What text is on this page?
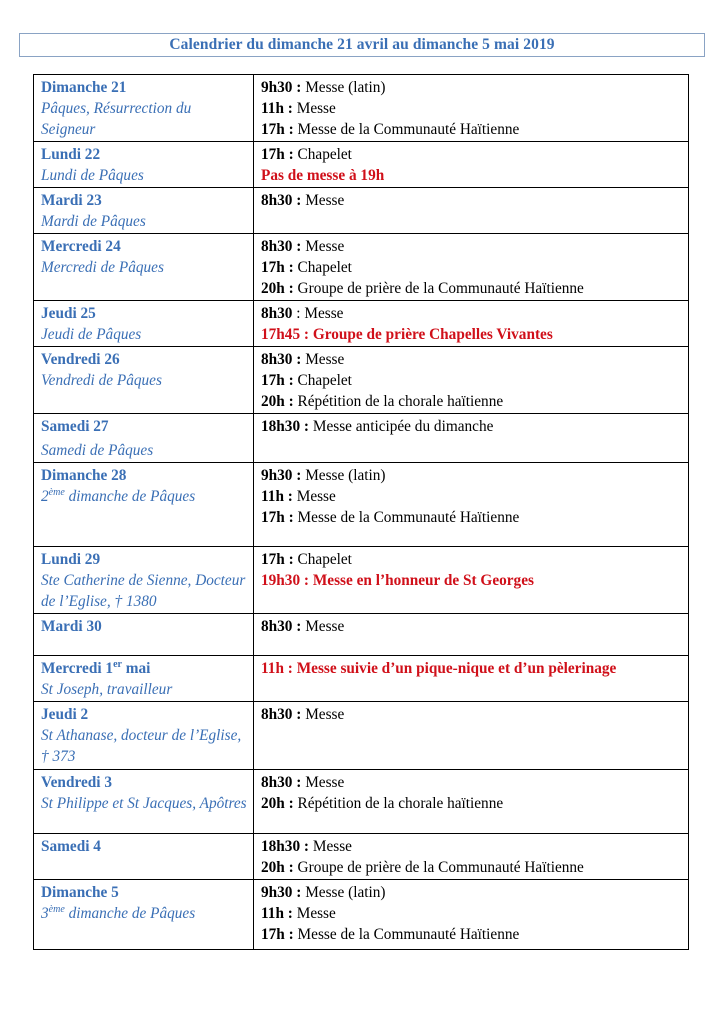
Calendrier du dimanche 21 avril au dimanche 5 mai 2019
Dimanche 21
Pâques, Résurrection du Seigneur	9h30 : Messe (latin)
11h : Messe
17h : Messe de la Communauté Haïtienne

Lundi 22
Lundi de Pâques	17h : Chapelet
Pas de messe à 19h

Mardi 23
Mardi de Pâques	8h30 : Messe

Mercredi 24
Mercredi de Pâques	8h30 : Messe
17h : Chapelet
20h : Groupe de prière de la Communauté Haïtienne

Jeudi 25
Jeudi de Pâques	8h30 : Messe
17h45 : Groupe de prière Chapelles Vivantes

Vendredi 26
Vendredi de Pâques	8h30 : Messe
17h : Chapelet
20h : Répétition de la chorale haïtienne

Samedi 27
Samedi de Pâques	18h30 : Messe anticipée du dimanche

Dimanche 28
2ème dimanche de Pâques	9h30 : Messe (latin)
11h : Messe
17h : Messe de la Communauté Haïtienne

Lundi 29
Ste Catherine de Sienne, Docteur de l’Eglise, † 1380	17h : Chapelet
19h30 : Messe en l’honneur de St Georges

Mardi 30	8h30 : Messe

Mercredi 1er mai
St Joseph, travailleur	11h : Messe suivie d’un pique-nique et d’un pèlerinage

Jeudi 2
St Athanase, docteur de l’Eglise, † 373	8h30 : Messe

Vendredi 3
St Philippe et St Jacques, Apôtres	8h30 : Messe
20h : Répétition de la chorale haïtienne

Samedi 4	18h30 : Messe
20h : Groupe de prière de la Communauté Haïtienne

Dimanche 5
3ème dimanche de Pâques	9h30 : Messe (latin)
11h : Messe
17h : Messe de la Communauté Haïtienne
